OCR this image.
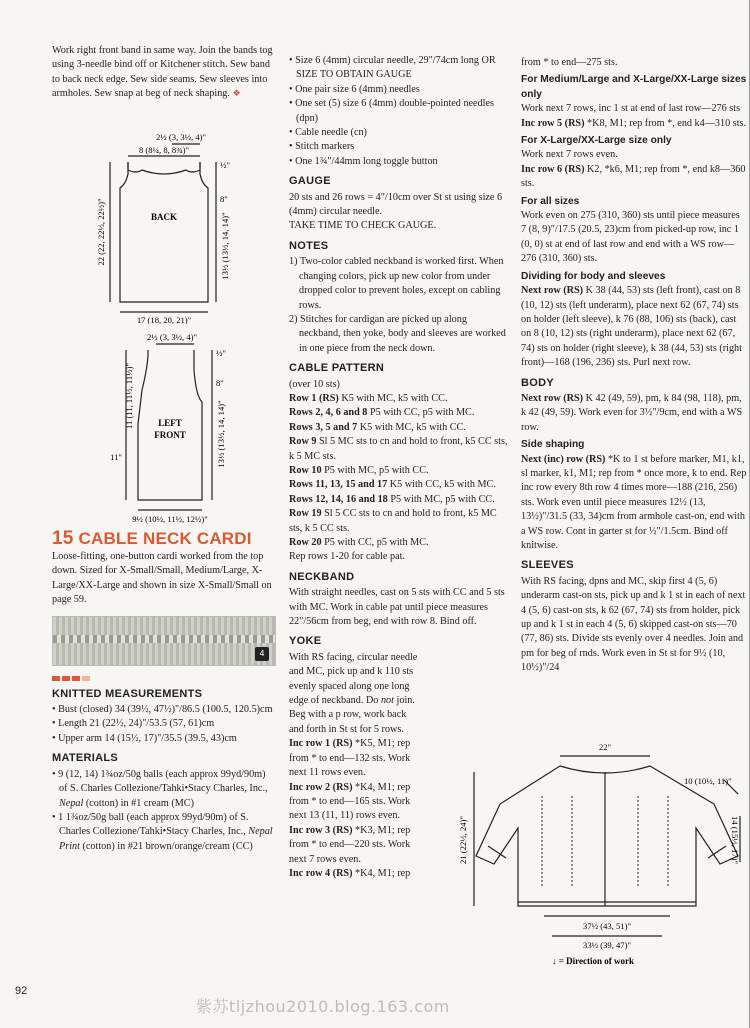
Work right front band in same way. Join the bands tog using 3-needle bind off or Kitchener stitch. Sew band to back neck edge. Sew side seams. Sew sleeves into armholes. Sew snap at beg of neck shaping. ❖

2½ (3, 3½, 4)"
8 (8¼, 8, 8¾)"
½"
8"
BACK
22 (22, 22½, 22½)"	13½ (13½, 14, 14)"
17 (18, 20, 21)"
2½ (3, 3½, 4)"
½"
8"
LEFT
FRONT
11 (11, 11½, 11½)"
11"	13½ (13½, 14, 14)"
9½ (10½, 11½, 12½)"
15 CABLE NECK CARDI

Loose-fitting, one-button cardi worked from the top down. Sized for X-Small/Small, Medium/Large, X-Large/XX-Large and shown in size X-Small/Small on page 59.

4
KNITTED MEASUREMENTS
• Bust (closed) 34 (39½, 47½)"/86.5 (100.5, 120.5)cm
• Length 21 (22½, 24)"/53.5 (57, 61)cm
• Upper arm 14 (15½, 17)"/35.5 (39.5, 43)cm
MATERIALS
• 9 (12, 14) 1¾oz/50g balls (each approx 99yd/90m) of S. Charles Collezione/Tahki•Stacy Charles, Inc., Nepal (cotton) in #1 cream (MC)
• 1 1¾oz/50g ball (each approx 99yd/90m) of S. Charles Collezione/Tahki•Stacy Charles, Inc., Nepal Print (cotton) in #21 brown/orange/cream (CC)
• Size 6 (4mm) circular needle, 29"/74cm long OR SIZE TO OBTAIN GAUGE
• One pair size 6 (4mm) needles
• One set (5) size 6 (4mm) double-pointed needles (dpn)
• Cable needle (cn)
• Stitch markers
• One 1¾"/44mm long toggle button
GAUGE

20 sts and 26 rows = 4"/10cm over St st using size 6 (4mm) circular needle.

TAKE TIME TO CHECK GAUGE.

NOTES

1) Two-color cabled neckband is worked first. When changing colors, pick up new color from under dropped color to prevent holes, except on cabling rows.

2) Stitches for cardigan are picked up along neckband, then yoke, body and sleeves are worked in one piece from the neck down.

CABLE PATTERN

(over 10 sts)

Row 1 (RS) K5 with MC, k5 with CC.

Rows 2, 4, 6 and 8 P5 with CC, p5 with MC.

Rows 3, 5 and 7 K5 with MC, k5 with CC.

Row 9 Sl 5 MC sts to cn and hold to front, k5 CC sts, k 5 MC sts.

Row 10 P5 with MC, p5 with CC.

Rows 11, 13, 15 and 17 K5 with CC, k5 with MC.

Rows 12, 14, 16 and 18 P5 with MC, p5 with CC.

Row 19 Sl 5 CC sts to cn and hold to front, k5 MC sts, k 5 CC sts.

Row 20 P5 with CC, p5 with MC.

Rep rows 1-20 for cable pat.

NECKBAND

With straight needles, cast on 5 sts with CC and 5 sts with MC. Work in cable pat until piece measures 22"/56cm from beg, end with row 8. Bind off.

YOKE

With RS facing, circular needle and MC, pick up and k 110 sts evenly spaced along one long edge of neckband. Do not join. Beg with a p row, work back and forth in St st for 5 rows.

Inc row 1 (RS) *K5, M1; rep from * to end—132 sts. Work next 11 rows even.

Inc row 2 (RS) *K4, M1; rep from * to end—165 sts. Work next 13 (11, 11) rows even.

Inc row 3 (RS) *K3, M1; rep from * to end—220 sts. Work next 7 rows even.

Inc row 4 (RS) *K4, M1; rep

from * to end—275 sts.

For Medium/Large and X-Large/XX-Large sizes only

Work next 7 rows, inc 1 st at end of last row—276 sts

Inc row 5 (RS) *K8, M1; rep from *, end k4—310 sts.

For X-Large/XX-Large size only

Work next 7 rows even.

Inc row 6 (RS) K2, *k6, M1; rep from *, end k8—360 sts.

For all sizes

Work even on 275 (310, 360) sts until piece measures 7 (8, 9)"/17.5 (20.5, 23)cm from picked-up row, inc 1 (0, 0) st at end of last row and end with a WS row—276 (310, 360) sts.

Dividing for body and sleeves

Next row (RS) K 38 (44, 53) sts (left front), cast on 8 (10, 12) sts (left underarm), place next 62 (67, 74) sts on holder (left sleeve), k 76 (88, 106) sts (back), cast on 8 (10, 12) sts (right underarm), place next 62 (67, 74) sts on holder (right sleeve), k 38 (44, 53) sts (right front)—168 (196, 236) sts. Purl next row.

BODY

Next row (RS) K 42 (49, 59), pm, k 84 (98, 118), pm, k 42 (49, 59). Work even for 3½"/9cm, end with a WS row.

Side shaping

Next (inc) row (RS) *K to 1 st before marker, M1, k1, sl marker, k1, M1; rep from * once more, k to end. Rep inc row every 8th row 4 times more—188 (216, 256) sts. Work even until piece measures 12½ (13, 13½)"/31.5 (33, 34)cm from armhole cast-on, end with a WS row. Cont in garter st for ½"/1.5cm. Bind off knitwise.

SLEEVES

With RS facing, dpns and MC, skip first 4 (5, 6) underarm cast-on sts, pick up and k 1 st in each of next 4 (5, 6) cast-on sts, k 62 (67, 74) sts from holder, pick up and k 1 st in each 4 (5, 6) skipped cast-on sts—70 (77, 86) sts. Divide sts evenly over 4 needles. Join and pm for beg of rnds. Work even in St st for 9½ (10, 10½)"/24

22"
10 (10½, 11)"
21 (22½, 24)"	14 (15½, 17)"
37½ (43, 51)"
33½ (39, 47)"
↓ = Direction of work
92
紫苏tljzhou2010.blog.163.com
